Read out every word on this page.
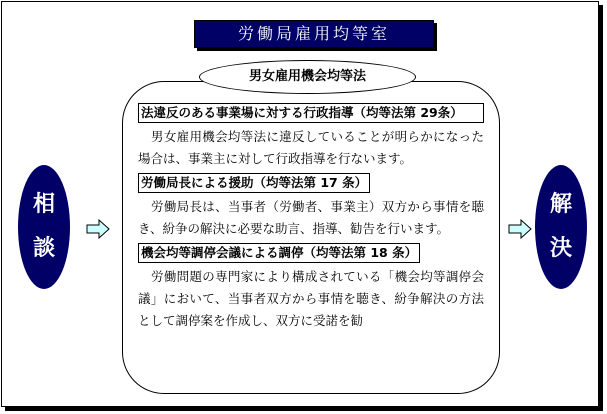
労働局雇用均等室
男女雇用機会均等法
法違反のある事業場に対する行政指導（均等法第 29条）
男女雇用機会均等法に違反していることが明らかになった場合は、事業主に対して行政指導を行ないます。
労働局長による援助（均等法第 17 条）
労働局長は、当事者（労働者、事業主）双方から事情を聴き、紛争の解決に必要な助言、指導、勧告を行います。
機会均等調停会議による調停（均等法第 18 条）
労働問題の専門家により構成されている「機会均等調停会議」において、当事者双方から事情を聴き、紛争解決の方法として調停案を作成し、双方に受諾を勧
相
談
解
決
